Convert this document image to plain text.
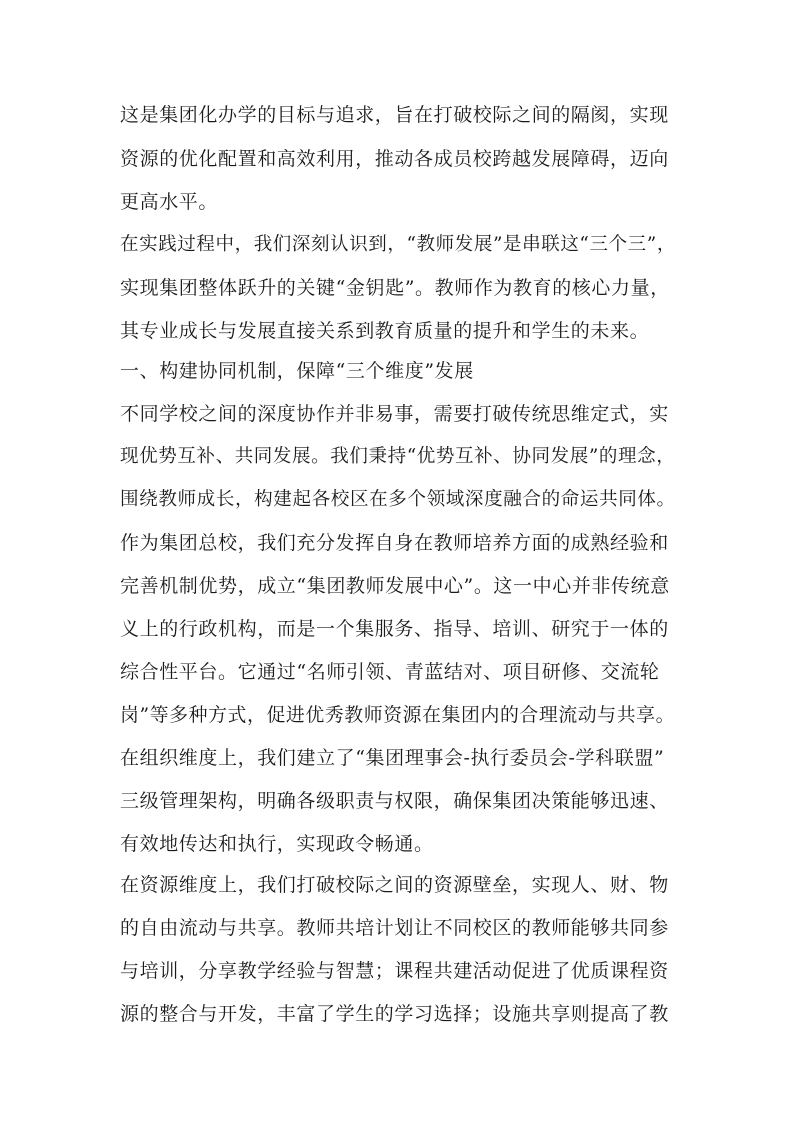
这是集团化办学的目标与追求，旨在打破校际之间的隔阂，实现
资源的优化配置和高效利用，推动各成员校跨越发展障碍，迈向
更高水平。
在实践过程中，我们深刻认识到，“教师发展”是串联这“三个三”，
实现集团整体跃升的关键“金钥匙”。教师作为教育的核心力量，
其专业成长与发展直接关系到教育质量的提升和学生的未来。
一、构建协同机制，保障“三个维度”发展
不同学校之间的深度协作并非易事，需要打破传统思维定式，实
现优势互补、共同发展。我们秉持“优势互补、协同发展”的理念，
围绕教师成长，构建起各校区在多个领域深度融合的命运共同体。
作为集团总校，我们充分发挥自身在教师培养方面的成熟经验和
完善机制优势，成立“集团教师发展中心”。这一中心并非传统意
义上的行政机构，而是一个集服务、指导、培训、研究于一体的
综合性平台。它通过“名师引领、青蓝结对、项目研修、交流轮
岗”等多种方式，促进优秀教师资源在集团内的合理流动与共享。
在组织维度上，我们建立了“集团理事会-执行委员会-学科联盟”
三级管理架构，明确各级职责与权限，确保集团决策能够迅速、
有效地传达和执行，实现政令畅通。
在资源维度上，我们打破校际之间的资源壁垒，实现人、财、物
的自由流动与共享。教师共培计划让不同校区的教师能够共同参
与培训，分享教学经验与智慧；课程共建活动促进了优质课程资
源的整合与开发，丰富了学生的学习选择；设施共享则提高了教
